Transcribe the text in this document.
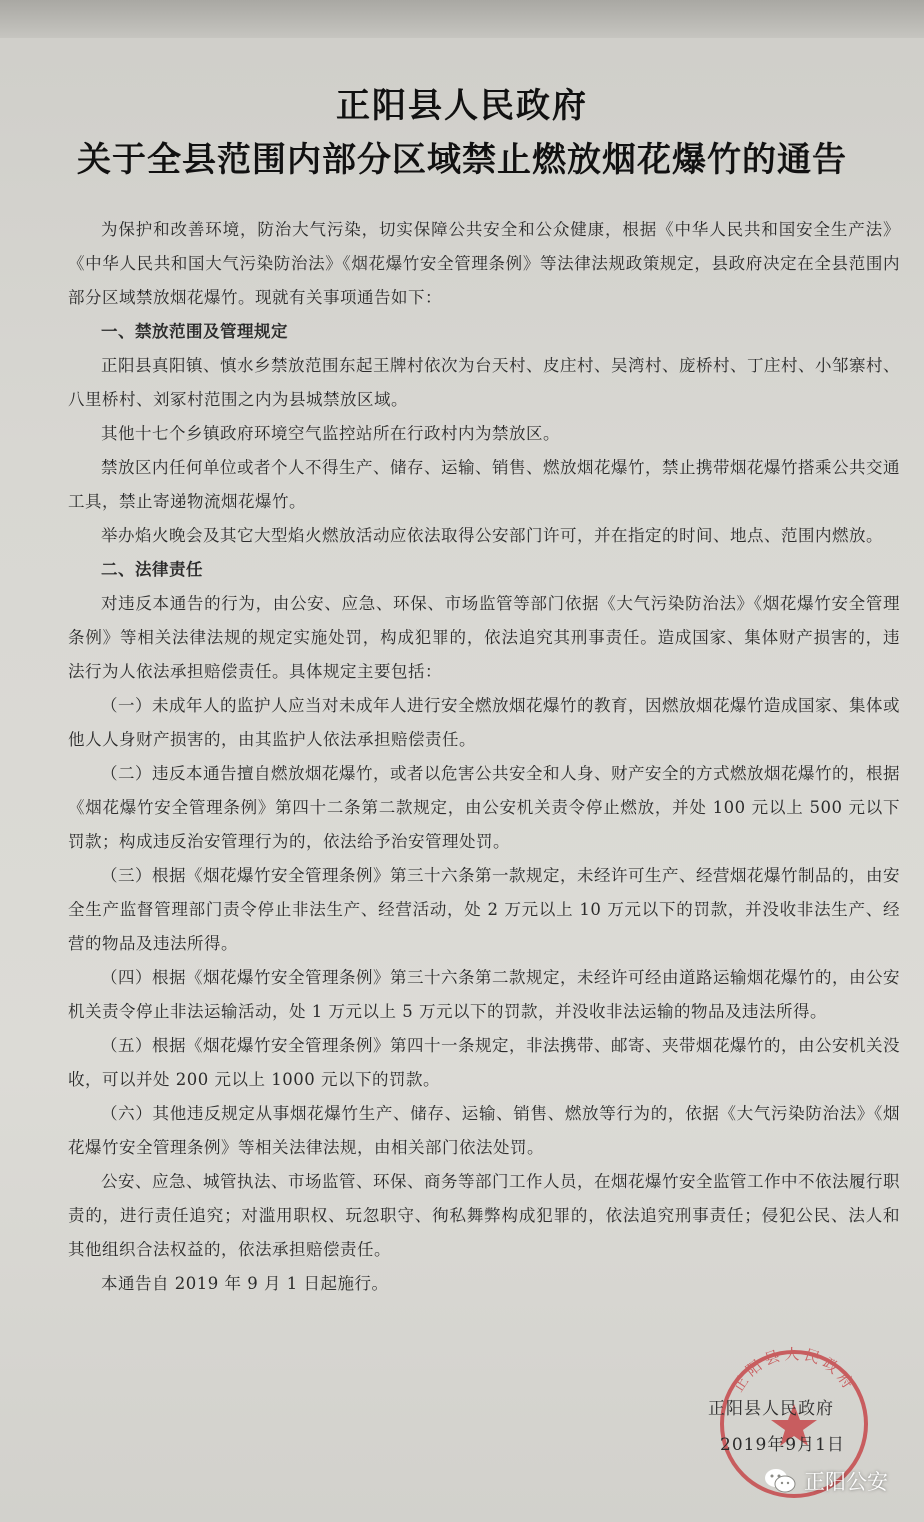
正阳县人民政府
关于全县范围内部分区域禁止燃放烟花爆竹的通告

为保护和改善环境，防治大气污染，切实保障公共安全和公众健康，根据《中华人民共和国安全生产法》《中华人民共和国大气污染防治法》《烟花爆竹安全管理条例》等法律法规政策规定，县政府决定在全县范围内部分区域禁放烟花爆竹。现就有关事项通告如下：

一、禁放范围及管理规定

正阳县真阳镇、慎水乡禁放范围东起王牌村依次为台天村、皮庄村、吴湾村、庞桥村、丁庄村、小邹寨村、八里桥村、刘冢村范围之内为县城禁放区域。

其他十七个乡镇政府环境空气监控站所在行政村内为禁放区。

禁放区内任何单位或者个人不得生产、储存、运输、销售、燃放烟花爆竹，禁止携带烟花爆竹搭乘公共交通工具，禁止寄递物流烟花爆竹。

举办焰火晚会及其它大型焰火燃放活动应依法取得公安部门许可，并在指定的时间、地点、范围内燃放。

二、法律责任

对违反本通告的行为，由公安、应急、环保、市场监管等部门依据《大气污染防治法》《烟花爆竹安全管理条例》等相关法律法规的规定实施处罚，构成犯罪的，依法追究其刑事责任。造成国家、集体财产损害的，违法行为人依法承担赔偿责任。具体规定主要包括：

（一）未成年人的监护人应当对未成年人进行安全燃放烟花爆竹的教育，因燃放烟花爆竹造成国家、集体或他人人身财产损害的，由其监护人依法承担赔偿责任。

（二）违反本通告擅自燃放烟花爆竹，或者以危害公共安全和人身、财产安全的方式燃放烟花爆竹的，根据《烟花爆竹安全管理条例》第四十二条第二款规定，由公安机关责令停止燃放，并处 100 元以上 500 元以下罚款；构成违反治安管理行为的，依法给予治安管理处罚。

（三）根据《烟花爆竹安全管理条例》第三十六条第一款规定，未经许可生产、经营烟花爆竹制品的，由安全生产监督管理部门责令停止非法生产、经营活动，处 2 万元以上 10 万元以下的罚款，并没收非法生产、经营的物品及违法所得。

（四）根据《烟花爆竹安全管理条例》第三十六条第二款规定，未经许可经由道路运输烟花爆竹的，由公安机关责令停止非法运输活动，处 1 万元以上 5 万元以下的罚款，并没收非法运输的物品及违法所得。

（五）根据《烟花爆竹安全管理条例》第四十一条规定，非法携带、邮寄、夹带烟花爆竹的，由公安机关没收，可以并处 200 元以上 1000 元以下的罚款。

（六）其他违反规定从事烟花爆竹生产、储存、运输、销售、燃放等行为的，依据《大气污染防治法》《烟花爆竹安全管理条例》等相关法律法规，由相关部门依法处罚。

公安、应急、城管执法、市场监管、环保、商务等部门工作人员，在烟花爆竹安全监管工作中不依法履行职责的，进行责任追究；对滥用职权、玩忽职守、徇私舞弊构成犯罪的，依法追究刑事责任；侵犯公民、法人和其他组织合法权益的，依法承担赔偿责任。

本通告自 2019 年 9 月 1 日起施行。

正阳县人民政府
正阳县人民政府
2019年9月1日
正阳公安
